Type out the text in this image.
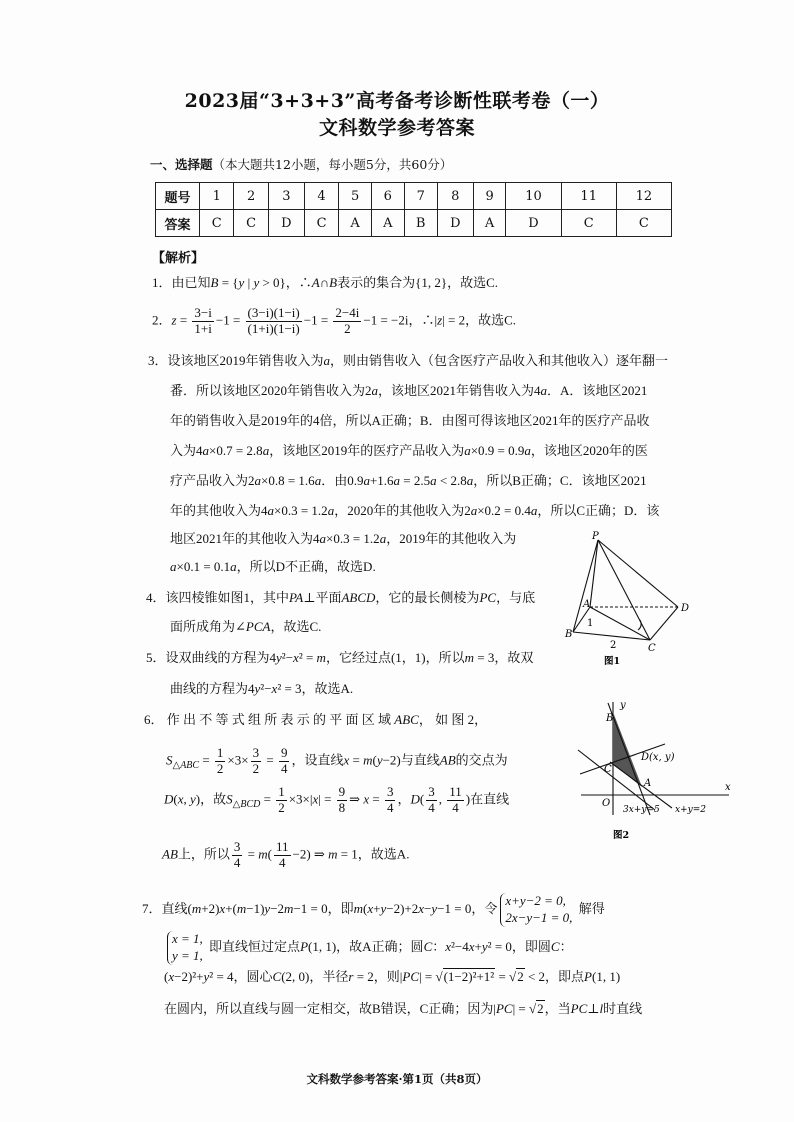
2023届“3+3+3”高考备考诊断性联考卷（一）
文科数学参考答案
一、选择题（本大题共12小题，每小题5分，共60分）
题号	1	2	3	4	5	6	7	8	9	10	11	12
答案	C	C	D	C	A	A	B	D	A	D	C	C
【解析】
1．由已知B = {y | y > 0}，∴A∩B表示的集合为{1, 2}，故选C.
2．$z = \frac{3-i}{1+i} -1 = \frac{(3-i)(1-i)}{(1+i)(1-i)} -1 = \frac{2-4i}{2} -1 = -2i$，∴|z| = 2，故选C.
3．设该地区2019年销售收入为a，则由销售收入（包含医疗产品收入和其他收入）逐年翻一
番．所以该地区2020年销售收入为2a，该地区2021年销售收入为4a．A．该地区2021
年的销售收入是2019年的4倍，所以A正确；B．由图可得该地区2021年的医疗产品收
入为4a×0.7 = 2.8a，该地区2019年的医疗产品收入为a×0.9 = 0.9a，该地区2020年的医
疗产品收入为2a×0.8 = 1.6a．由0.9a+1.6a = 2.5a < 2.8a，所以B正确；C．该地区2021
年的其他收入为4a×0.3 = 1.2a，2020年的其他收入为2a×0.2 = 0.4a，所以C正确；D．该
地区2021年的其他收入为4a×0.3 = 1.2a，2019年的其他收入为
a×0.1 = 0.1a，所以D不正确，故选D.
4．该四棱锥如图1，其中PA⊥平面ABCD，它的最长侧棱为PC，与底
面所成角为∠PCA，故选C.
5．设双曲线的方程为4y²−x² = m，它经过点(1，1)，所以m = 3，故双
曲线的方程为4y²−x² = 3，故选A.
6． 作 出 不 等 式 组 所 表 示 的 平 面 区 域 ABC， 如 图 2，
$S_{\triangle ABC} = \frac{1}{2} \times 3\times \frac{3}{2} = \frac{9}{4}$ ，设直线x = m(y−2)与直线AB的交点为
D(x, y)，故$S_{\triangle BCD} = \frac{1}{2} \times 3\times|x| = \frac{9}{8}$ ⇒ $x = \frac{3}{4}$ ，$D( \frac{3}{4}$ , $\frac{11}{4}$ )在直线
AB上，所以 $\frac{3}{4} = m( \frac{11}{4} -2)$ ⇒ m = 1，故选A.
7．直线(m+2)x+(m−1)y−2m−1 = 0，即m(x+y−2)+2x−y−1 = 0，令
x+y−2 = 0,
2x−y−1 = 0,
解得
x = 1,
y = 1,
即直线恒过定点P(1, 1)，故A正确；圆C：x²−4x+y² = 0，即圆C：
(x−2)²+y² = 4，圆心C(2, 0)，半径r = 2，则|PC| = √(1−2)²+1² = √2 < 2，即点P(1, 1)
在圆内，所以直线与圆一定相交，故B错误，C正确；因为|PC| = √2，当PC⊥l时直线
P
A
B
C
D
1
2
图1
y
x
B
C
D(x, y)
A
O
3x+y=5 x+y=2
图2
文科数学参考答案·第1页（共8页）
